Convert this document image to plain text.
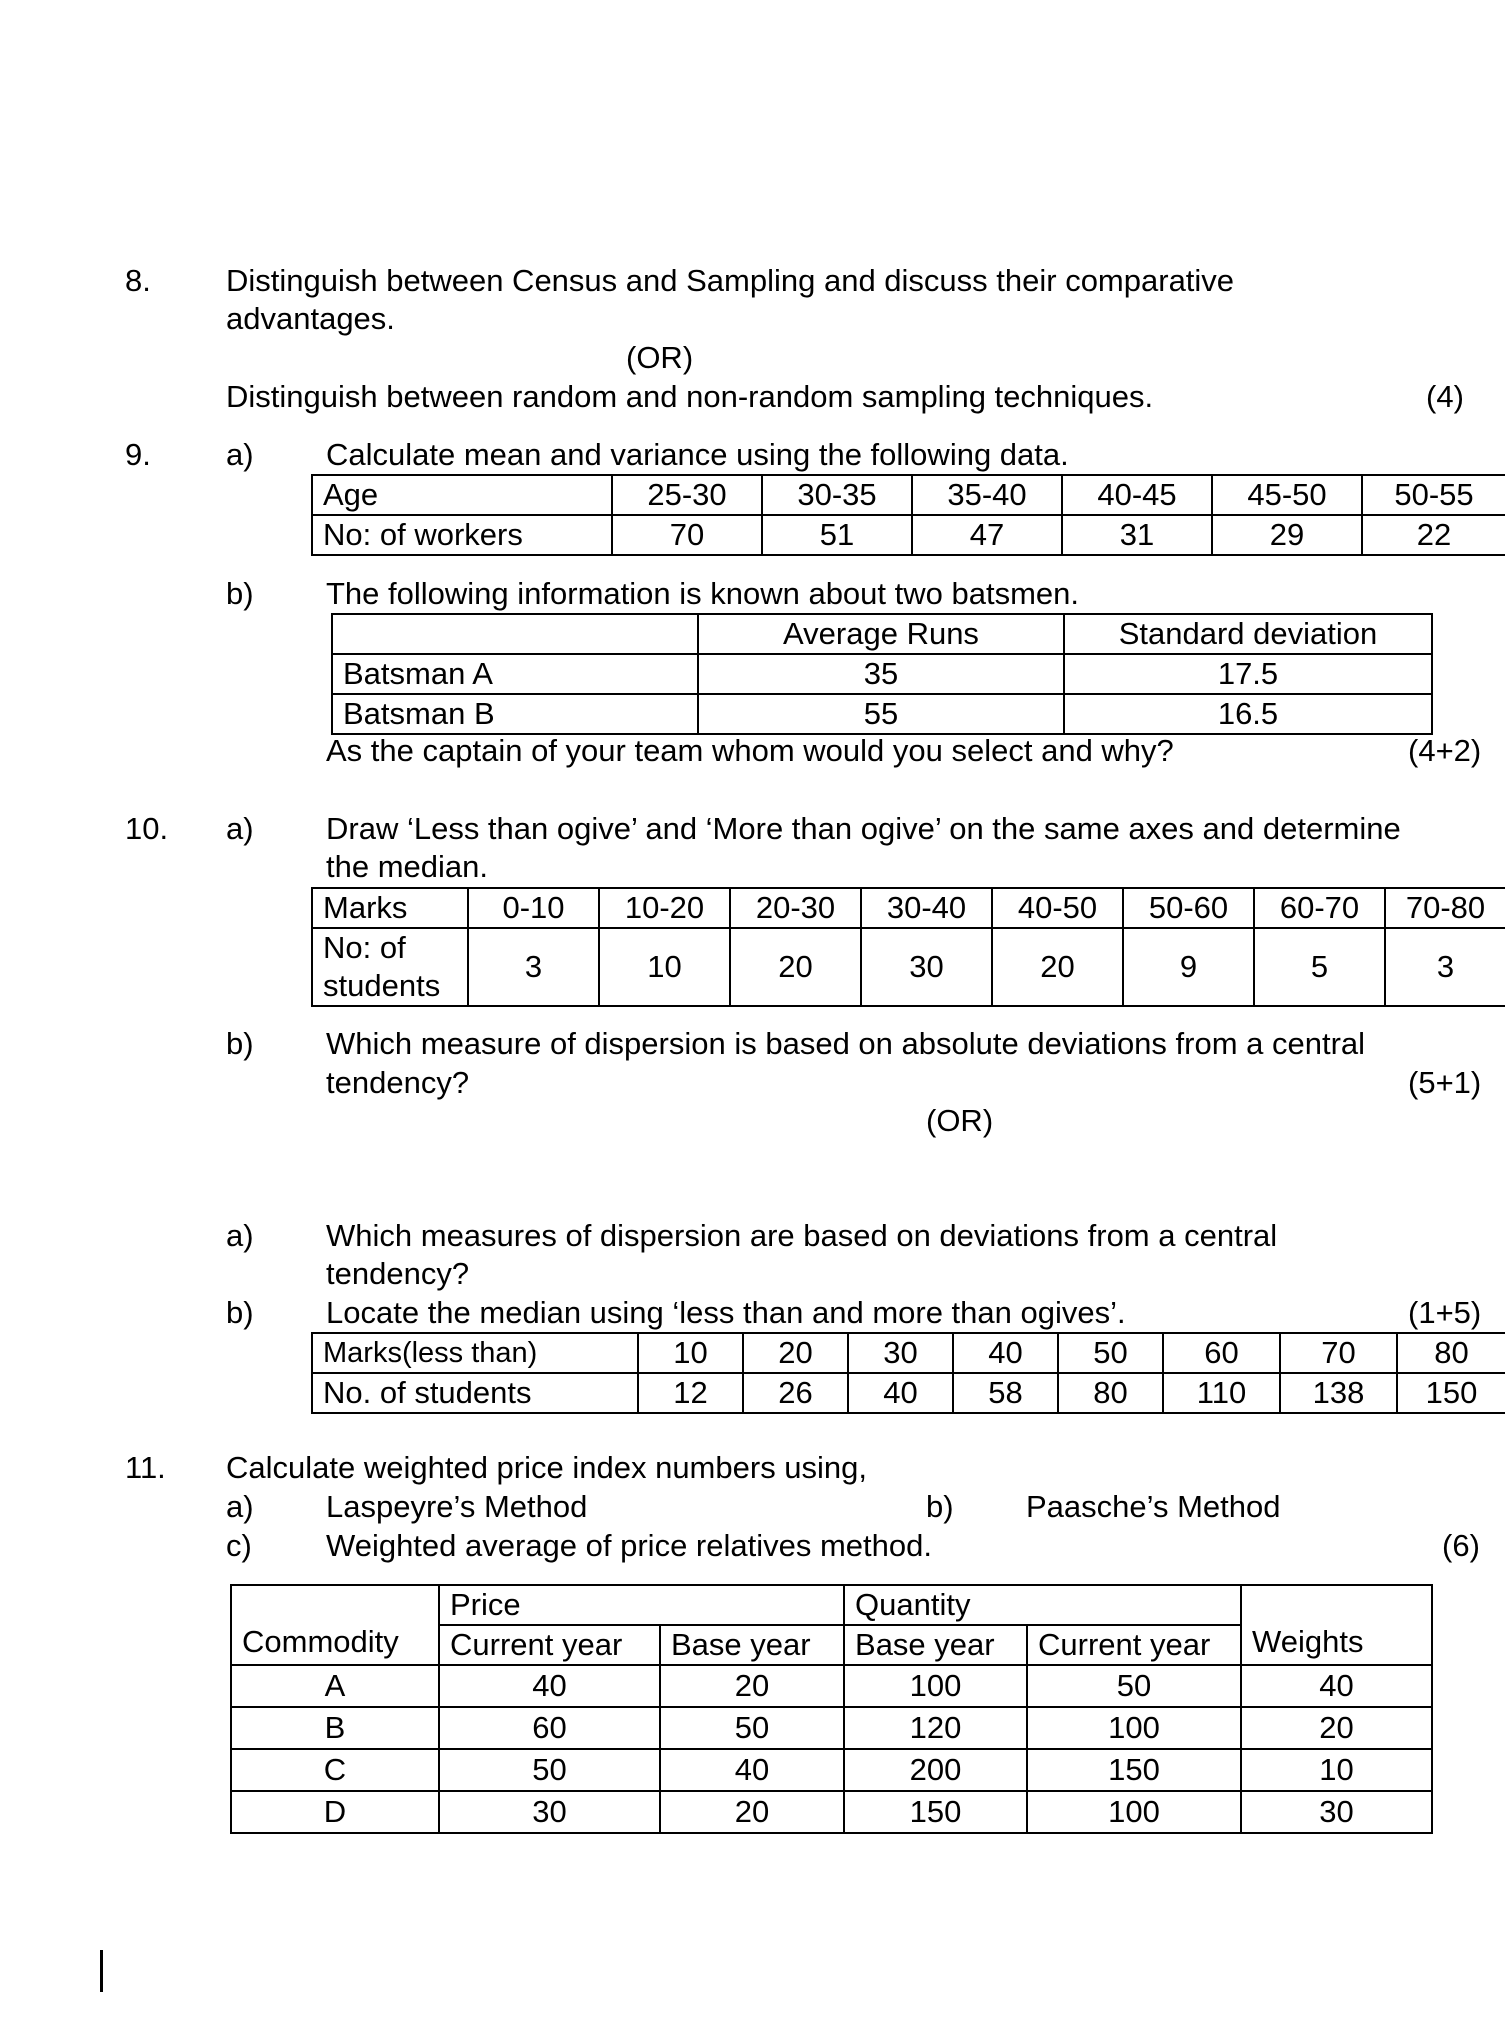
8. Distinguish between Census and Sampling and discuss their comparative
advantages.
(OR)
Distinguish between random and non-random sampling techniques.	(4)
9. a) Calculate mean and variance using the following data.
Age	25-30	30-35	35-40	40-45	45-50	50-55
No: of workers	70	51	47	31	29	22
b) The following information is known about two batsmen.
	Average Runs	Standard deviation
Batsman A	35	17.5
Batsman B	55	16.5
As the captain of your team whom would you select and why?	(4+2)
10. a) Draw ‘Less than ogive’ and ‘More than ogive’ on the same axes and determine
the median.
Marks	0-10	10-20	20-30	30-40	40-50	50-60	60-70	70-80
No: of
students	3	10	20	30	20	9	5	3
b) Which measure of dispersion is based on absolute deviations from a central
tendency?	(5+1)
(OR)
a) Which measures of dispersion are based on deviations from a central
tendency?
b) Locate the median using ‘less than and more than ogives’.	(1+5)
Marks(less than)	10	20	30	40	50	60	70	80
No. of students	12	26	40	58	80	110	138	150
11. Calculate weighted price index numbers using,
a) Laspeyre’s Method	b) Paasche’s Method
c) Weighted average of price relatives method.	(6)
Commodity	Price		Quantity		Weights
	Current year	Base year	Base year	Current year	
A	40	20	100	50	40
B	60	50	120	100	20
C	50	40	200	150	10
D	30	20	150	100	30
